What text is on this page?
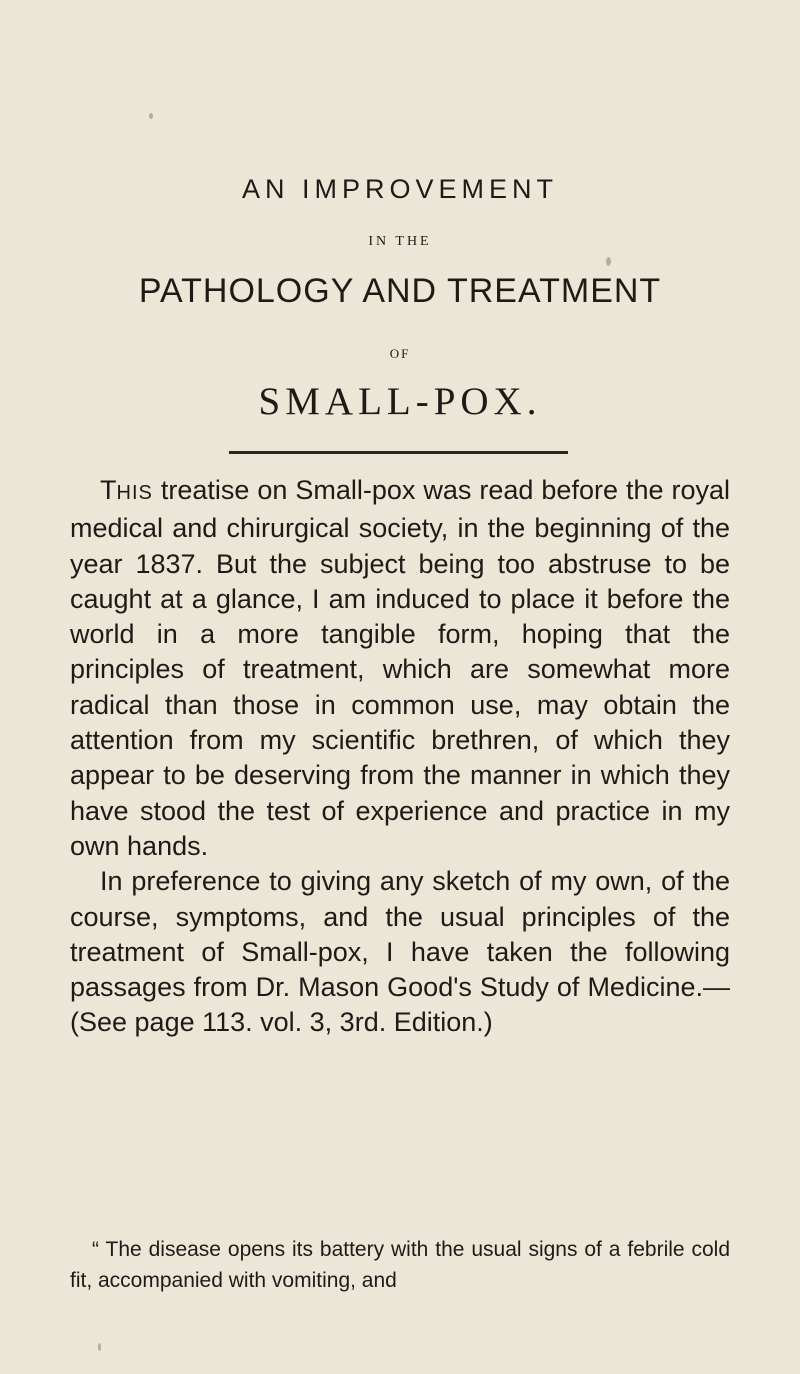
AN IMPROVEMENT
IN THE
PATHOLOGY AND TREATMENT
OF
SMALL-POX.

THIS treatise on Small-pox was read before the royal medical and chirurgical society, in the beginning of the year 1837. But the subject being too abstruse to be caught at a glance, I am induced to place it before the world in a more tangible form, hoping that the principles of treatment, which are somewhat more radical than those in common use, may obtain the attention from my scientific brethren, of which they appear to be deserving from the manner in which they have stood the test of experience and practice in my own hands.

In preference to giving any sketch of my own, of the course, symptoms, and the usual principles of the treatment of Small-pox, I have taken the following passages from Dr. Mason Good's Study of Medicine.—(See page 113. vol. 3, 3rd. Edition.)

“ The disease opens its battery with the usual signs of a febrile cold fit, accompanied with vomiting, and
